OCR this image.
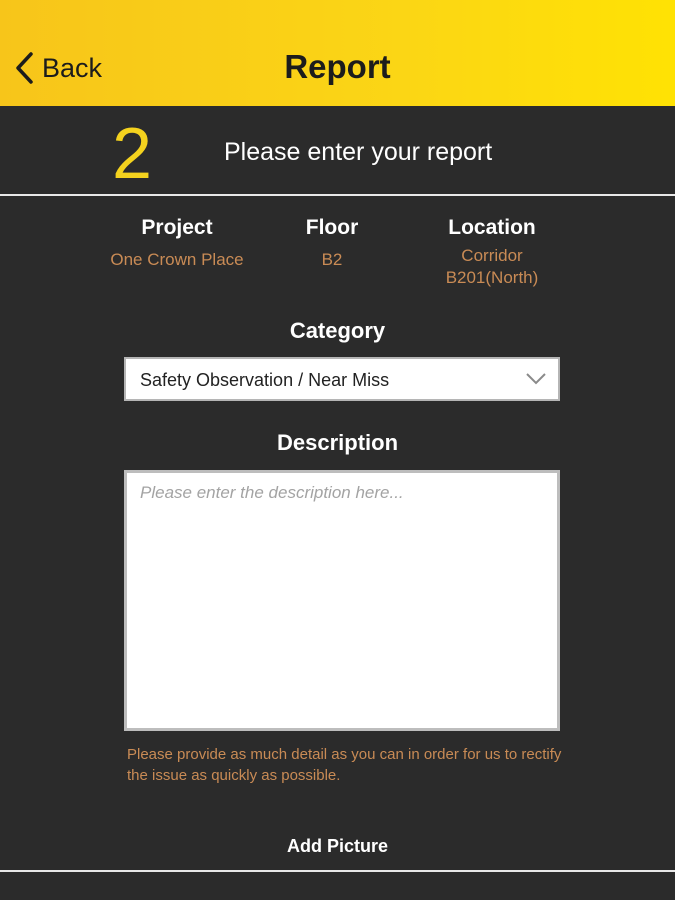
Back	Report
2	Please enter your report
Project
One Crown Place
Floor
B2
Location
Corridor
B201(North)
Category
Safety Observation / Near Miss
Description
Please enter the description here...
Please provide as much detail as you can in order for us to rectify the issue as quickly as possible.
Add Picture
